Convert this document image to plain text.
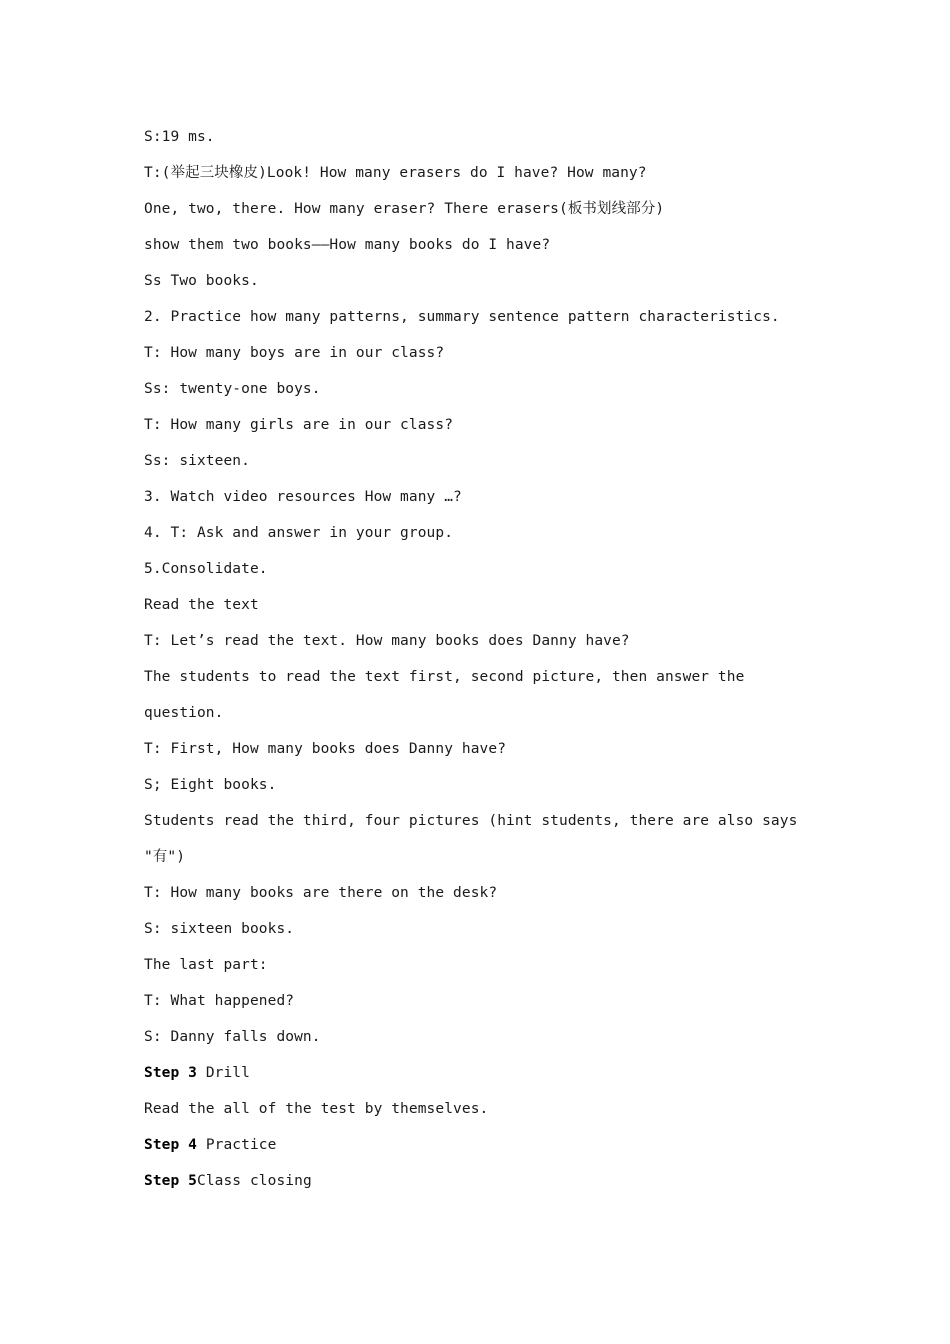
S:19 ms.
T:(举起三块橡皮)Look! How many erasers do I have? How many?
One, two, there. How many eraser? There erasers(板书划线部分)
show them two books——How many books do I have?
Ss Two books.
2. Practice how many patterns, summary sentence pattern characteristics.
T: How many boys are in our class?
Ss: twenty-one boys.
T: How many girls are in our class?
Ss: sixteen.
3. Watch video resources How many …?
4. T: Ask and answer in your group.
5.Consolidate.
Read the text
T: Let’s read the text. How many books does Danny have?
The students to read the text first, second picture, then answer the
question.
T: First, How many books does Danny have?
S; Eight books.
Students read the third, four pictures (hint students, there are also says
"有")
T: How many books are there on the desk?
S: sixteen books.
The last part:
T: What happened?
S: Danny falls down.
Step 3 Drill
Read the all of the test by themselves.
Step 4 Practice
Step 5Class closing
